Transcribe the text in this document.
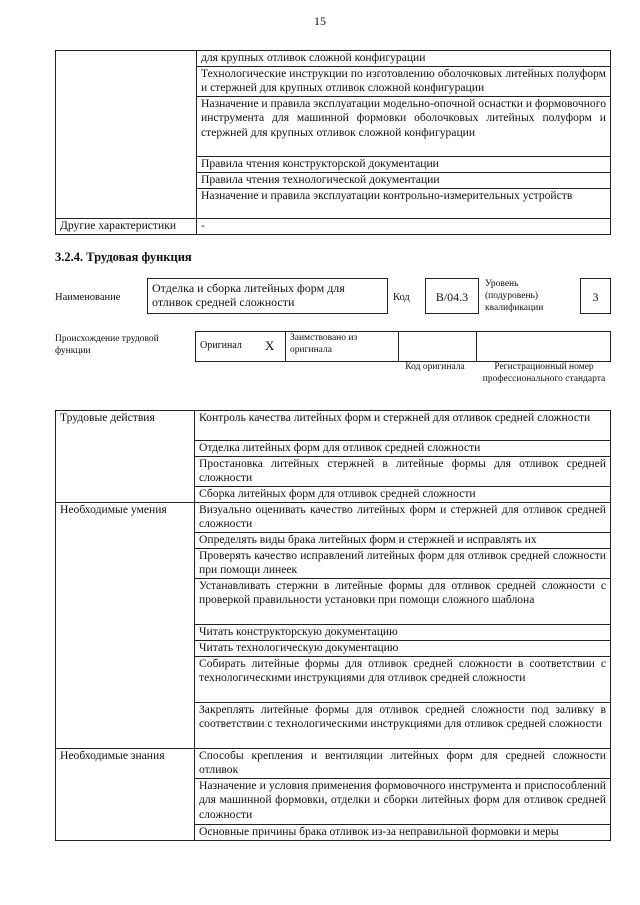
15
	для крупных отливок сложной конфигурации
	Технологические инструкции по изготовлению оболочковых литейных полуформ и стержней для крупных отливок сложной конфигурации
	Назначение и правила эксплуатации модельно-опочной оснастки и формовочного инструмента для машинной формовки оболочковых литейных полуформ и стержней для крупных отливок сложной конфигурации
	Правила чтения конструкторской документации
	Правила чтения технологической документации
	Назначение и правила эксплуатации контрольно-измерительных устройств
Другие характеристики	-
3.2.4. Трудовая функция
Наименование
Отделка и сборка литейных форм для отливок средней сложности	Код	B/04.3
Уровень (подуровень) квалификации
3
Происхождение трудовой функции	Оригинал	X	Заимствовано из оригинала		
Код оригинала	Регистрационный номер профессионального стандарта
Трудовые действия	Контроль качества литейных форм и стержней для отливок средней сложности
	Отделка литейных форм для отливок средней сложности
	Простановка литейных стержней в литейные формы для отливок средней сложности
	Сборка литейных форм для отливок средней сложности
Необходимые умения	Визуально оценивать качество литейных форм и стержней для отливок средней сложности
	Определять виды брака литейных форм и стержней и исправлять их
	Проверять качество исправлений литейных форм для отливок средней сложности при помощи линеек
	Устанавливать стержни в литейные формы для отливок средней сложности с проверкой правильности установки при помощи сложного шаблона
	Читать конструкторскую документацию
	Читать технологическую документацию
	Собирать литейные формы для отливок средней сложности в соответствии с технологическими инструкциями для отливок средней сложности
	Закреплять литейные формы для отливок средней сложности под заливку в соответствии с технологическими инструкциями для отливок средней сложности
Необходимые знания	Способы крепления и вентиляции литейных форм для средней сложности отливок
	Назначение и условия применения формовочного инструмента и приспособлений для машинной формовки, отделки и сборки литейных форм для отливок средней сложности
	Основные причины брака отливок из-за неправильной формовки и меры
